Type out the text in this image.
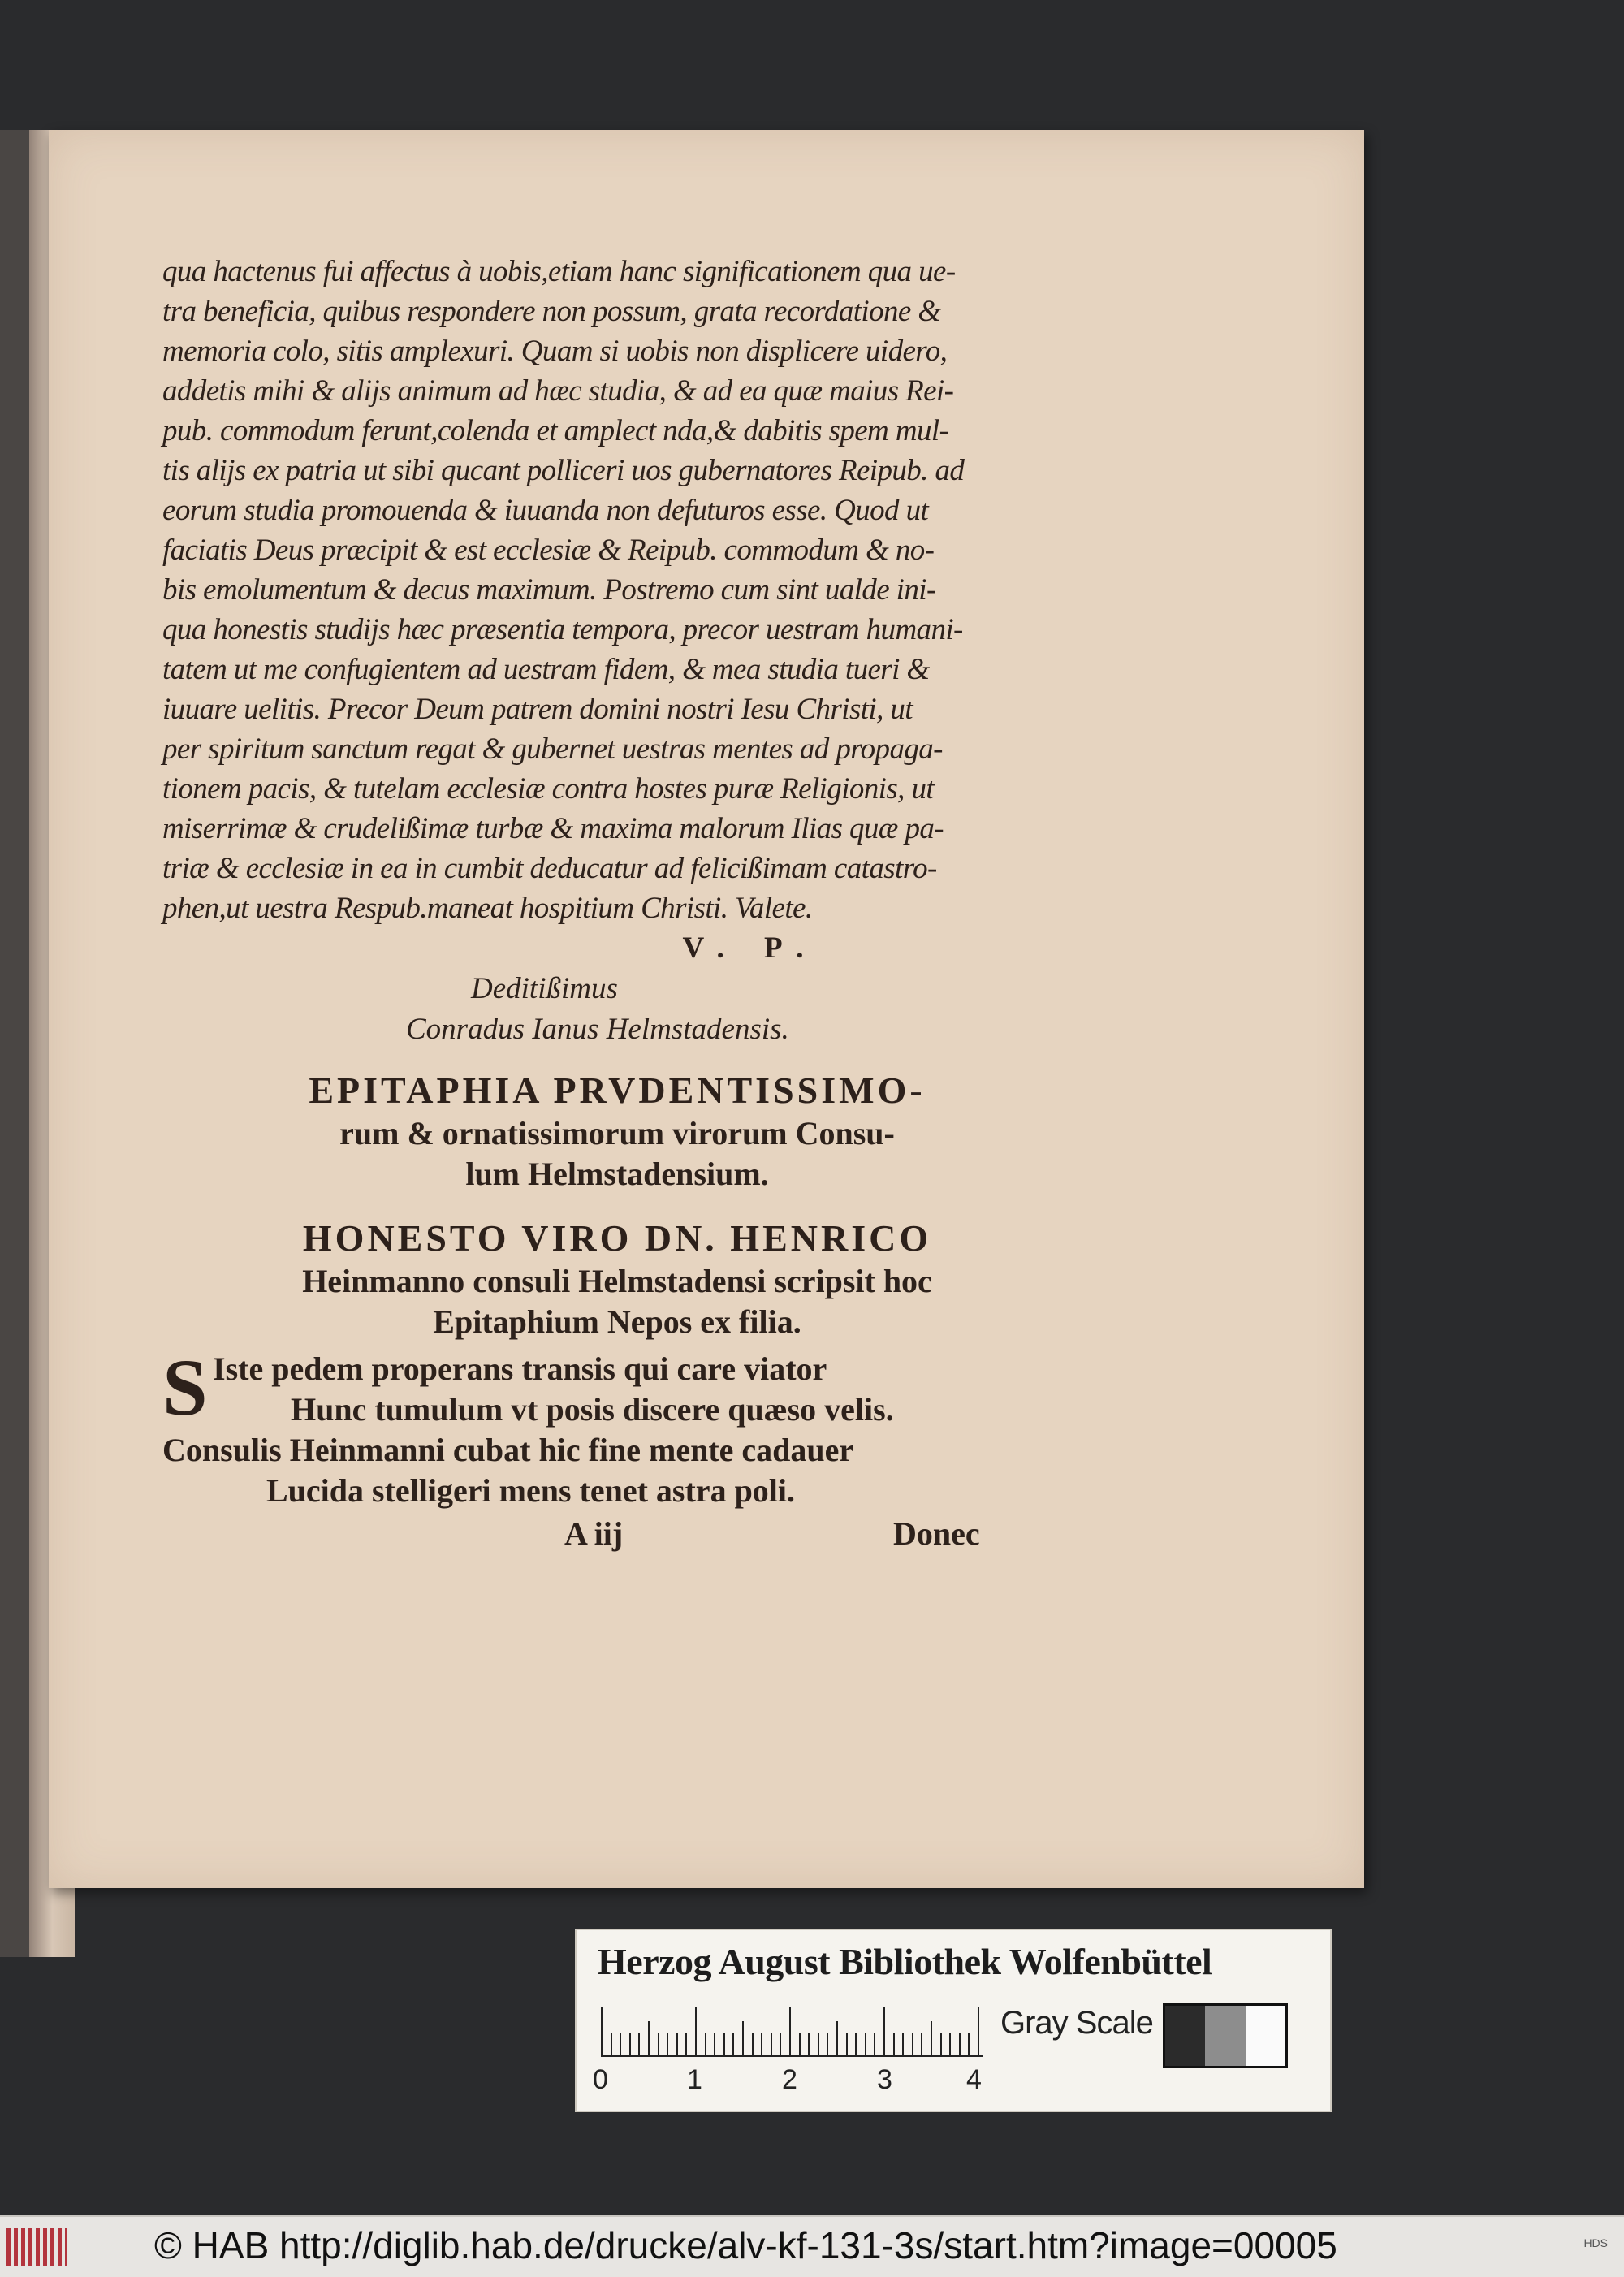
qua hactenus fui affectus à uobis,etiam hanc significationem qua ue-
tra beneficia, quibus respondere non possum, grata recordatione &
memoria colo, sitis amplexuri. Quam si uobis non displicere uidero,
addetis mihi & alijs animum ad hæc studia, & ad ea quæ maius Rei-
pub. commodum ferunt,colenda et amplect nda,& dabitis spem mul-
tis alijs ex patria ut sibi qucant polliceri uos gubernatores Reipub. ad
eorum studia promouenda & iuuanda non defuturos esse. Quod ut
faciatis Deus præcipit & est ecclesiæ & Reipub. commodum & no-
bis emolumentum & decus maximum. Postremo cum sint ualde ini-
qua honestis studijs hæc præsentia tempora, precor uestram humani-
tatem ut me confugientem ad uestram fidem, & mea studia tueri &
iuuare uelitis. Precor Deum patrem domini nostri Iesu Christi, ut
per spiritum sanctum regat & gubernet uestras mentes ad propaga-
tionem pacis, & tutelam ecclesiæ contra hostes puræ Religionis, ut
miserrimæ & crudelißimæ turbæ & maxima malorum Ilias quæ pa-
triæ & ecclesiæ in ea in cumbit deducatur ad felicißimam catastro-
phen,ut uestra Respub.maneat hospitium Christi. Valete.
V. P.
Deditißimus
Conradus Ianus Helmstadensis.
EPITAPHIA PRVDENTISSIMO-
rum & ornatissimorum virorum Consu-
lum Helmstadensium.
HONESTO VIRO DN. HENRICO
Heinmanno consuli Helmstadensi scripsit hoc
Epitaphium Nepos ex filia.
S Iste pedem properans transis qui care viator
Hunc tumulum vt posis discere quæso velis.
Consulis Heinmanni cubat hic fine mente cadauer
Lucida stelligeri mens tenet astra poli.
A iij	Donec
Herzog August Bibliothek Wolfenbüttel
0	1	2	3	4
Gray Scale
© HAB http://diglib.hab.de/drucke/alv-kf-131-3s/start.htm?image=00005	HDS
